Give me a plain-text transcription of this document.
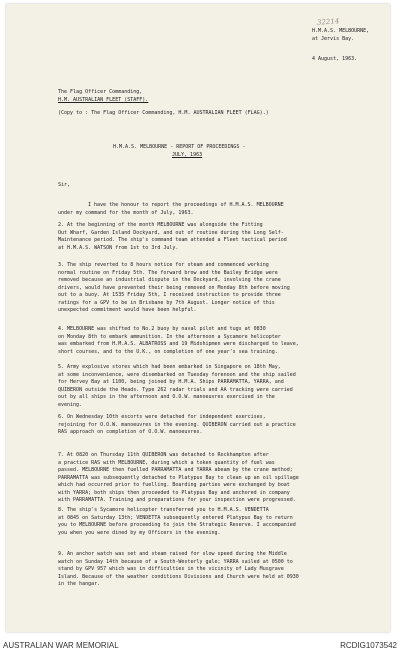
32214
H.M.A.S. MELBOURNE,
at Jervis Bay.
4 August, 1963.
The Flag Officer Commanding,
H.M. AUSTRALIAN FLEET (STAFF).
(Copy to : The Flag Officer Commanding, H.M. AUSTRALIAN FLEET (FLAG).)
H.M.A.S. MELBOURNE - REPORT OF PROCEEDINGS -
JULY, 1963
Sir,
I have the honour to report the proceedings of H.M.A.S. MELBOURNE
under my command for the month of July, 1963.
2. At the beginning of the month MELBOURNE was alongside the Fitting
Out Wharf, Garden Island Dockyard, and out of routine during the Long Self-
Maintenance period. The ship's command team attended a Fleet tactical period
at H.M.A.S. WATSON from 1st to 3rd July.
3. The ship reverted to 8 hours notice for steam and commenced working
normal routine on Friday 5th. The forward brow and the Bailey Bridge were
removed because an industrial dispute in the Dockyard, involving the crane
drivers, would have prevented their being removed on Monday 8th before moving
out to a buoy. At 1535 Friday 5th, I received instruction to provide three
ratings for a GPV to be in Brisbane by 7th August. Longer notice of this
unexpected commitment would have been helpful.
4. MELBOURNE was shifted to No.2 buoy by naval pilot and tugs at 0830
on Monday 8th to embark ammunition. In the afternoon a Sycamore helicopter
was embarked from H.M.A.S. ALBATROSS and 19 Midshipmen were discharged to leave,
short courses, and to the U.K., on completion of one year's sea training.
5. Army explosive stores which had been embarked in Singapore on 18th May,
at some inconvenience, were disembarked on Tuesday forenoon and the ship sailed
for Hervey Bay at 1100, being joined by H.M.A. Ships PARRAMATTA, YARRA, and
QUIBERON outside the Heads. Type 262 radar trials and AA tracking were carried
out by all ships in the afternoon and O.O.W. manoeuvres exercised in the
evening.
6. On Wednesday 10th escorts were detached for independent exercises,
rejoining for O.O.W. manoeuvres in the evening. QUIBERON carried out a practice
RAS approach on completion of O.O.W. manoeuvres.
7. At 0820 on Thursday 11th QUIBERON was detached to Rockhampton after
a practice RAS with MELBOURNE, during which a token quantity of fuel was
passed. MELBOURNE then fuelled PARRAMATTA and YARRA abeam by the crane method;
PARRAMATTA was subsequently detached to Platypus Bay to clean up an oil spillage
which had occurred prior to fuelling. Boarding parties were exchanged by boat
with YARRA; both ships then proceeded to Platypus Bay and anchored in company
with PARRAMATTA. Training and preparations for your inspection were progressed.
8. The ship's Sycamore helicopter transferred you to H.M.A.S. VENDETTA
at 0845 on Saturday 13th; VENDETTA subsequently entered Platypus Bay to return
you to MELBOURNE before proceeding to join the Strategic Reserve. I accompanied
you when you were dined by my Officers in the evening.
9. An anchor watch was set and steam raised for slow speed during the Middle
watch on Sunday 14th because of a South-Westerly gale; YARRA sailed at 0500 to
stand by GPV 957 which was in difficulties in the vicinity of Lady Musgrave
Island. Because of the weather conditions Divisions and Church were held at 0930
in the hangar.
AUSTRALIAN WAR MEMORIAL	RCDIG1073542
